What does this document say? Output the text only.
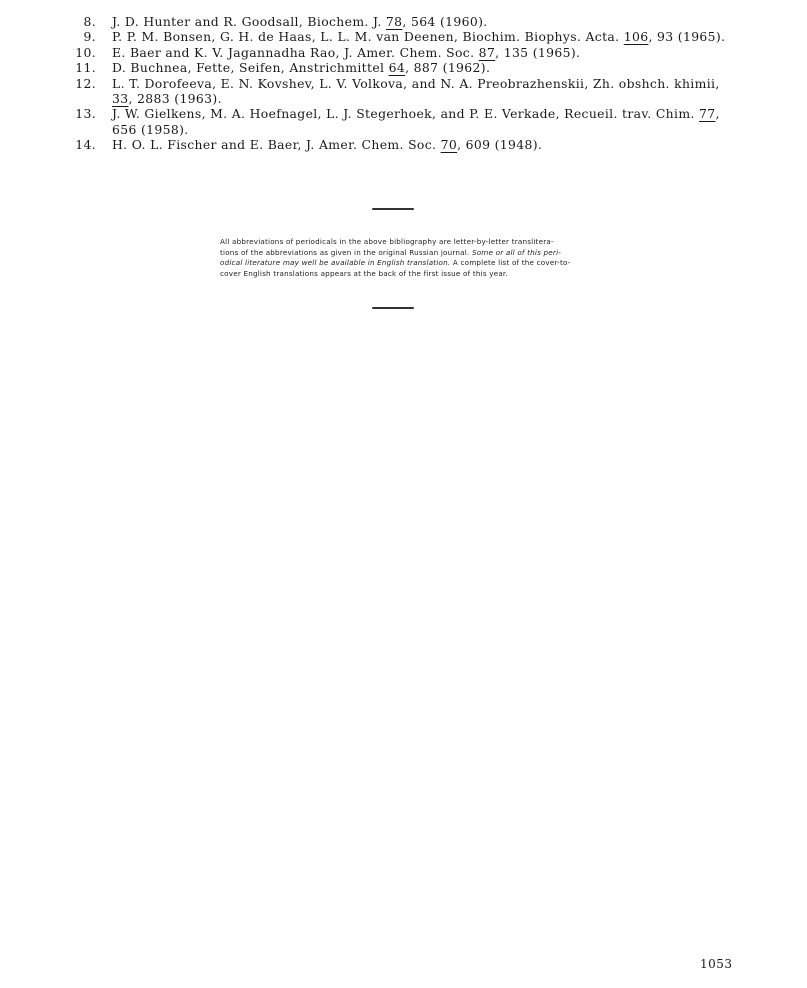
8. J. D. Hunter and R. Goodsall, Biochem. J. 78, 564 (1960).
9. P. P. M. Bonsen, G. H. de Haas, L. L. M. van Deenen, Biochim. Biophys. Acta. 106, 93 (1965).
10. E. Baer and K. V. Jagannadha Rao, J. Amer. Chem. Soc. 87, 135 (1965).
11. D. Buchnea, Fette, Seifen, Anstrichmittel 64, 887 (1962).
12. L. T. Dorofeeva, E. N. Kovshev, L. V. Volkova, and N. A. Preobrazhenskii, Zh. obshch. khimii,
33, 2883 (1963).
13. J. W. Gielkens, M. A. Hoefnagel, L. J. Stegerhoek, and P. E. Verkade, Recueil. trav. Chim. 77,
656 (1958).
14. H. O. L. Fischer and E. Baer, J. Amer. Chem. Soc. 70, 609 (1948).
All abbreviations of periodicals in the above bibliography are letter-by-letter translitera-
tions of the abbreviations as given in the original Russian journal. Some or all of this peri-
odical literature may well be available in English translation. A complete list of the cover-to-
cover English translations appears at the back of the first issue of this year.
1053
